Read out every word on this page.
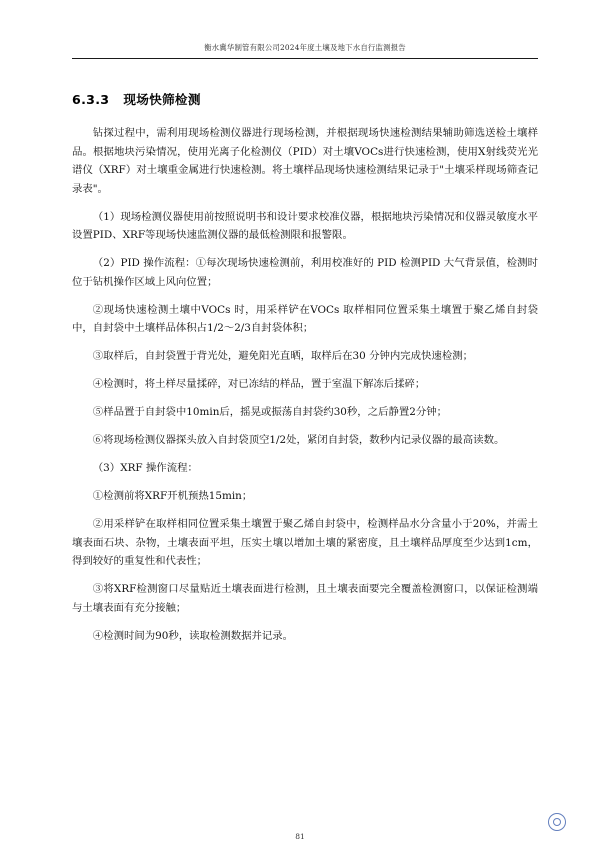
衡水冀华制管有限公司2024年度土壤及地下水自行监测报告
6.3.3 现场快筛检测

钻探过程中，需利用现场检测仪器进行现场检测，并根据现场快速检测结果辅助筛选送检土壤样品。根据地块污染情况，使用光离子化检测仪（PID）对土壤VOCs进行快速检测，使用X射线荧光光谱仪（XRF）对土壤重金属进行快速检测。将土壤样品现场快速检测结果记录于"土壤采样现场筛查记录表"。

（1）现场检测仪器使用前按照说明书和设计要求校准仪器，根据地块污染情况和仪器灵敏度水平设置PID、XRF等现场快速监测仪器的最低检测限和报警限。

（2）PID 操作流程：①每次现场快速检测前，利用校准好的 PID 检测PID 大气背景值，检测时位于钻机操作区域上风向位置；

②现场快速检测土壤中VOCs 时，用采样铲在VOCs 取样相同位置采集土壤置于聚乙烯自封袋中，自封袋中土壤样品体积占1/2～2/3自封袋体积；

③取样后，自封袋置于背光处，避免阳光直晒，取样后在30 分钟内完成快速检测；

④检测时，将土样尽量揉碎，对已冻结的样品，置于室温下解冻后揉碎；

⑤样品置于自封袋中10min后，摇晃或振荡自封袋约30秒，之后静置2分钟；

⑥将现场检测仪器探头放入自封袋顶空1/2处，紧闭自封袋，数秒内记录仪器的最高读数。

（3）XRF 操作流程：

①检测前将XRF开机预热15min；

②用采样铲在取样相同位置采集土壤置于聚乙烯自封袋中，检测样品水分含量小于20%，并需土壤表面石块、杂物，土壤表面平坦，压实土壤以增加土壤的紧密度，且土壤样品厚度至少达到1cm，得到较好的重复性和代表性；

③将XRF检测窗口尽量贴近土壤表面进行检测，且土壤表面要完全覆盖检测窗口，以保证检测端与土壤表面有充分接触；

④检测时间为90秒，读取检测数据并记录。

81
